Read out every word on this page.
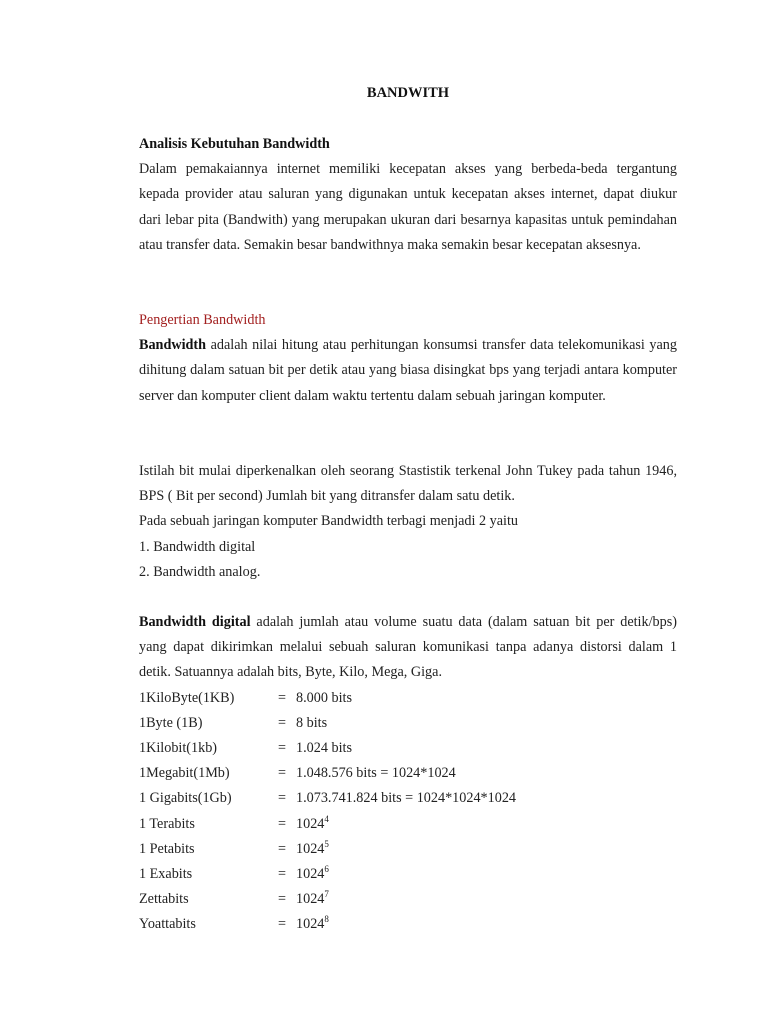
BANDWITH
Analisis Kebutuhan Bandwidth

Dalam pemakaiannya internet memiliki kecepatan akses yang berbeda-beda tergantung kepada provider atau saluran yang digunakan untuk kecepatan akses internet, dapat diukur dari lebar pita (Bandwith) yang merupakan ukuran dari besarnya kapasitas untuk pemindahan atau transfer data. Semakin besar bandwithnya maka semakin besar kecepatan aksesnya.

Pengertian Bandwidth

Bandwidth adalah nilai hitung atau perhitungan konsumsi transfer data telekomunikasi yang dihitung dalam satuan bit per detik atau yang biasa disingkat bps yang terjadi antara komputer server dan komputer client dalam waktu tertentu dalam sebuah jaringan komputer.

Istilah bit mulai diperkenalkan oleh seorang Stastistik terkenal John Tukey pada tahun 1946, BPS ( Bit per second) Jumlah bit yang ditransfer dalam satu detik.

Pada sebuah jaringan komputer Bandwidth terbagi menjadi 2 yaitu

1. Bandwidth digital

2. Bandwidth analog.

Bandwidth digital adalah jumlah atau volume suatu data (dalam satuan bit per detik/bps) yang dapat dikirimkan melalui sebuah saluran komunikasi tanpa adanya distorsi dalam 1 detik. Satuannya adalah bits, Byte, Kilo, Mega, Giga.

1KiloByte(1KB)	= 8.000 bits
1Byte (1B)	= 8 bits
1Kilobit(1kb)	= 1.024 bits
1Megabit(1Mb)	= 1.048.576 bits = 1024*1024
1 Gigabits(1Gb)	= 1.073.741.824 bits = 1024*1024*1024
1 Terabits	= $1024^4$
1 Petabits	= $1024^5$
1 Exabits	= $1024^6$
Zettabits	= $1024^7$
Yoattabits	= $1024^8$
